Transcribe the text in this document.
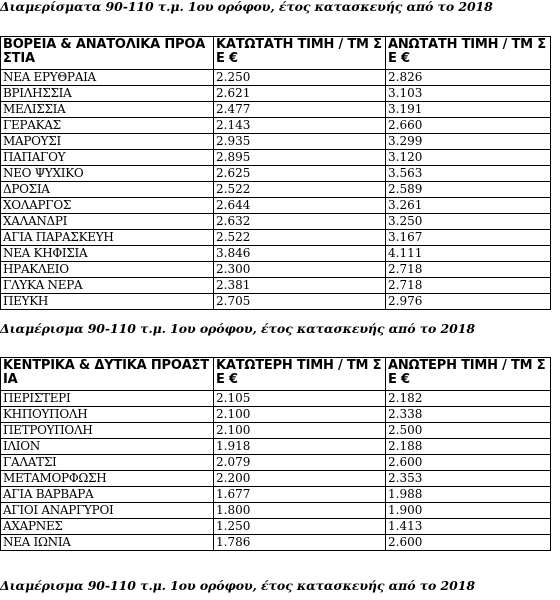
Διαμερίσματα 90-110 τ.μ. 1ου ορόφου, έτος κατασκευής από το 2018
ΒΟΡΕΙΑ & ΑΝΑΤΟΛΙΚΑ ΠΡΟΑΣΤΙΑ	ΚΑΤΩΤΑΤΗ ΤΙΜΗ / ΤΜ ΣΕ €	ΑΝΩΤΑΤΗ ΤΙΜΗ / ΤΜ ΣΕ €
ΝΕΑ ΕΡΥΘΡΑΙΑ	2.250	2.826
ΒΡΙΛΗΣΣΙΑ	2.621	3.103
ΜΕΛΙΣΣΙΑ	2.477	3.191
ΓΕΡΑΚΑΣ	2.143	2.660
ΜΑΡΟΥΣΙ	2.935	3.299
ΠΑΠΑΓΟΥ	2.895	3.120
ΝΕΟ ΨΥΧΙΚΟ	2.625	3.563
ΔΡΟΣΙΑ	2.522	2.589
ΧΟΛΑΡΓΟΣ	2.644	3.261
ΧΑΛΑΝΔΡΙ	2.632	3.250
ΑΓΙΑ ΠΑΡΑΣΚΕΥΗ	2.522	3.167
ΝΕΑ ΚΗΦΙΣΙΑ	3.846	4.111
ΗΡΑΚΛΕΙΟ	2.300	2.718
ΓΛΥΚΑ ΝΕΡΑ	2.381	2.718
ΠΕΥΚΗ	2.705	2.976
Διαμέρισμα 90-110 τ.μ. 1ου ορόφου, έτος κατασκευής από το 2018
ΚΕΝΤΡΙΚΑ & ΔΥΤΙΚΑ ΠΡΟΑΣΤΙΑ	ΚΑΤΩΤΕΡΗ ΤΙΜΗ / ΤΜ ΣΕ €	ΑΝΩΤΕΡΗ ΤΙΜΗ / ΤΜ ΣΕ €
ΠΕΡΙΣΤΕΡΙ	2.105	2.182
ΚΗΠΟΥΠΟΛΗ	2.100	2.338
ΠΕΤΡΟΥΠΟΛΗ	2.100	2.500
ΙΛΙΟΝ	1.918	2.188
ΓΑΛΑΤΣΙ	2.079	2.600
ΜΕΤΑΜΟΡΦΩΣΗ	2.200	2.353
ΑΓΙΑ ΒΑΡΒΑΡΑ	1.677	1.988
ΑΓΙΟΙ ΑΝΑΡΓΥΡΟΙ	1.800	1.900
ΑΧΑΡΝΕΣ	1.250	1.413
ΝΕΑ ΙΩΝΙΑ	1.786	2.600
Διαμέρισμα 90-110 τ.μ. 1ου ορόφου, έτος κατασκευής από το 2018
